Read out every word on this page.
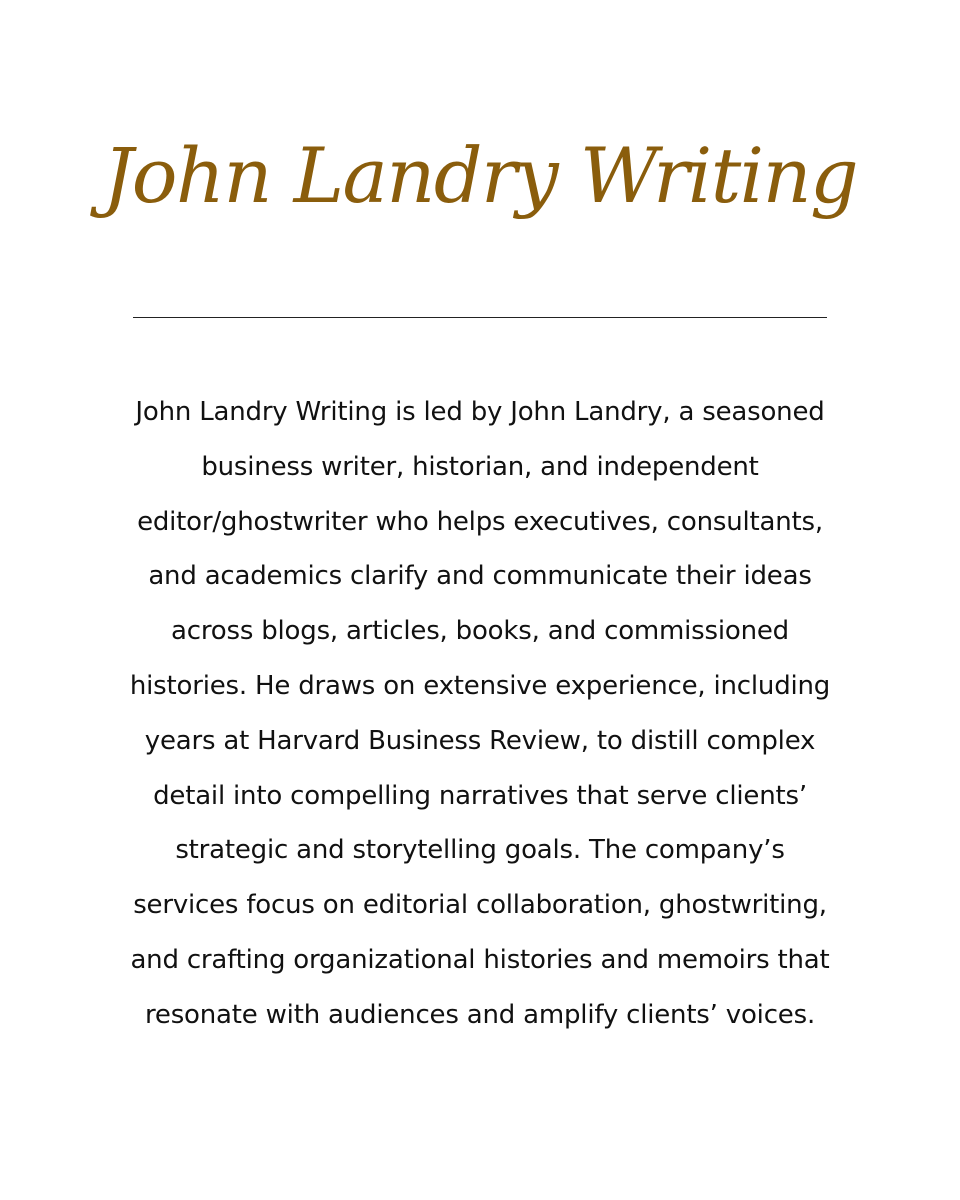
John Landry Writing

John Landry Writing is led by John Landry, a seasoned
business writer, historian, and independent
editor/ghostwriter who helps executives, consultants,
and academics clarify and communicate their ideas
across blogs, articles, books, and commissioned
histories. He draws on extensive experience, including
years at Harvard Business Review, to distill complex
detail into compelling narratives that serve clients’
strategic and storytelling goals. The company’s
services focus on editorial collaboration, ghostwriting,
and crafting organizational histories and memoirs that
resonate with audiences and amplify clients’ voices.
